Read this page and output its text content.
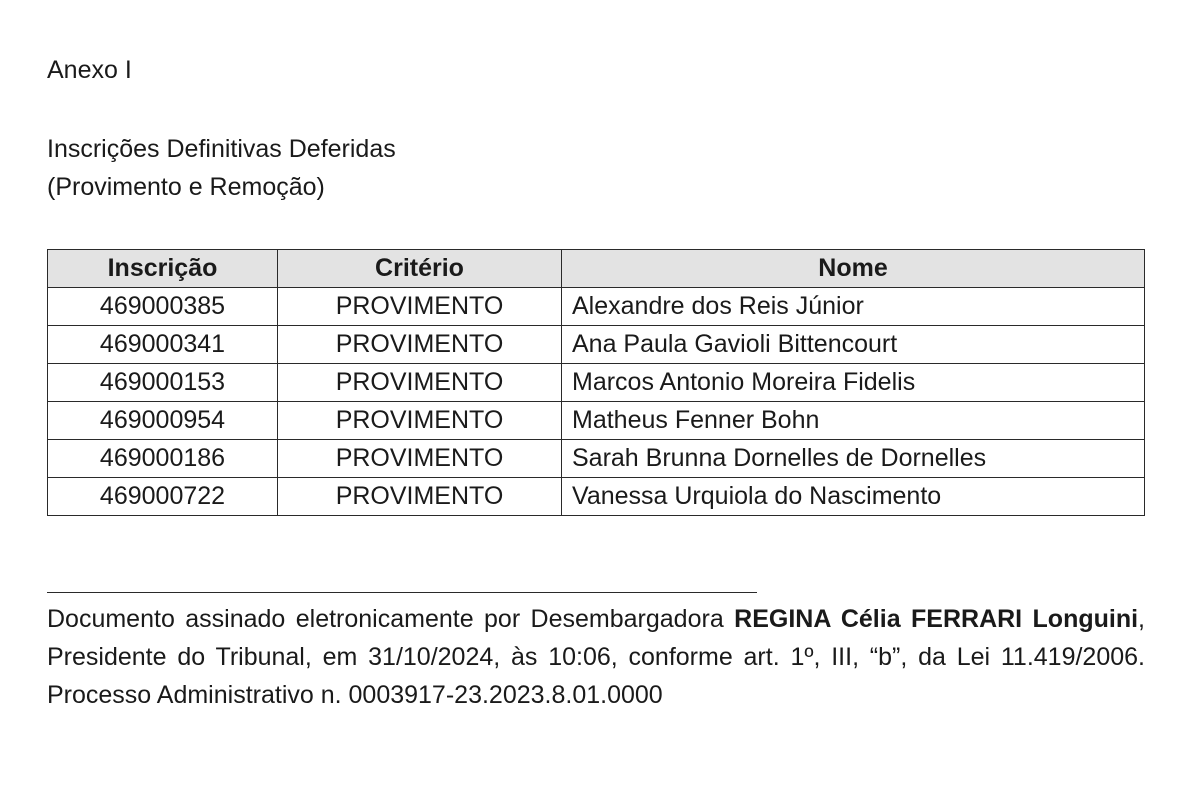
Anexo I
Inscrições Definitivas Deferidas
(Provimento e Remoção)
Inscrição	Critério	Nome
469000385	PROVIMENTO	Alexandre dos Reis Júnior
469000341	PROVIMENTO	Ana Paula Gavioli Bittencourt
469000153	PROVIMENTO	Marcos Antonio Moreira Fidelis
469000954	PROVIMENTO	Matheus Fenner Bohn
469000186	PROVIMENTO	Sarah Brunna Dornelles de Dornelles
469000722	PROVIMENTO	Vanessa Urquiola do Nascimento

Documento assinado eletronicamente por Desembargadora REGINA Célia FERRARI Longuini, Presidente do Tribunal, em 31/10/2024, às 10:06, conforme art. 1º, III, “b”, da Lei 11.419/2006. Processo Administrativo n. 0003917-23.2023.8.01.0000
